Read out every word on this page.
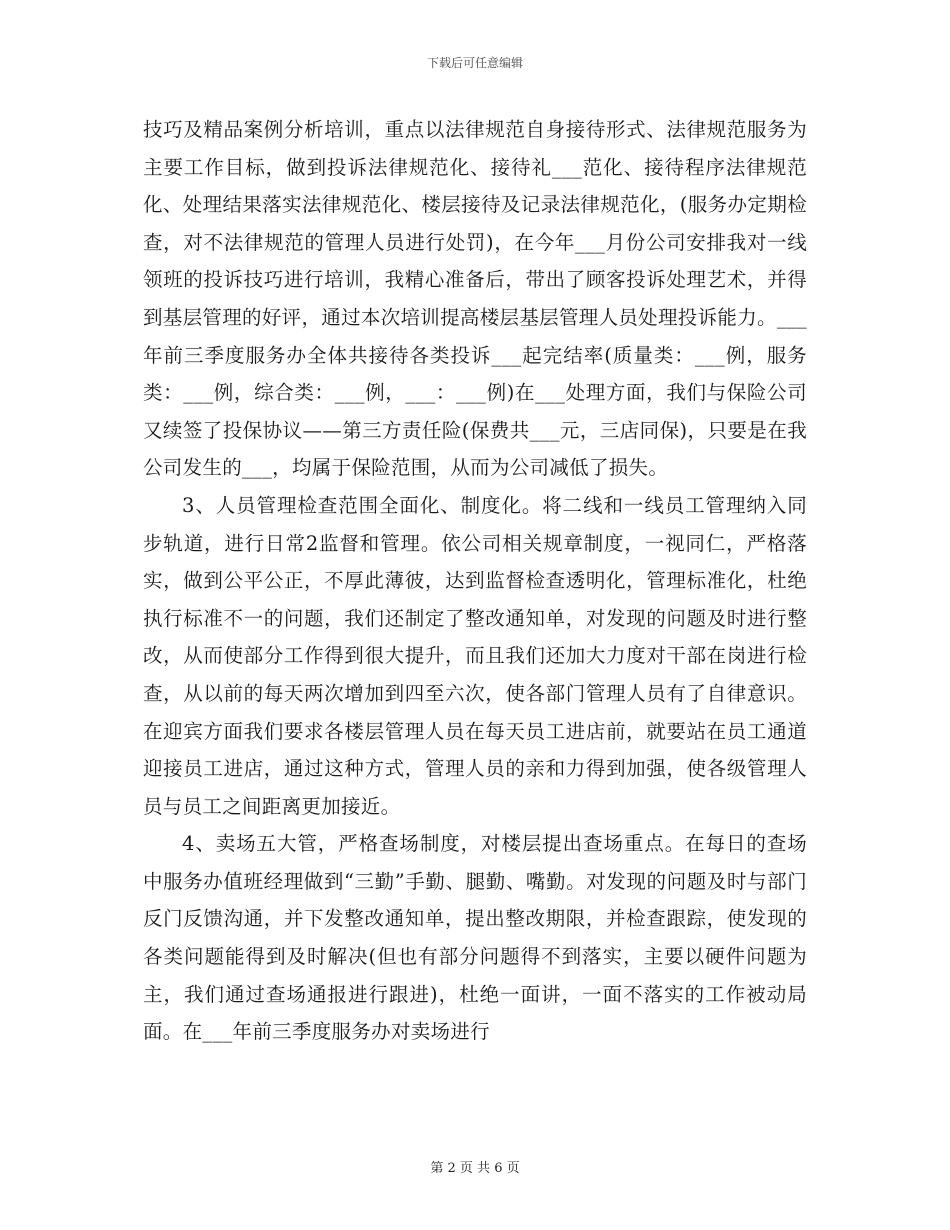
下载后可任意编辑

技巧及精品案例分析培训，重点以法律规范自身接待形式、法律规范服务为主要工作目标，做到投诉法律规范化、接待礼___范化、接待程序法律规范化、处理结果落实法律规范化、楼层接待及记录法律规范化，(服务办定期检查，对不法律规范的管理人员进行处罚)，在今年___月份公司安排我对一线领班的投诉技巧进行培训，我精心准备后，带出了顾客投诉处理艺术，并得到基层管理的好评，通过本次培训提高楼层基层管理人员处理投诉能力。___年前三季度服务办全体共接待各类投诉___起完结率(质量类：___例，服务类：___例，综合类：___例，___：___例)在___处理方面，我们与保险公司又续签了投保协议——第三方责任险(保费共___元，三店同保)，只要是在我公司发生的___，均属于保险范围，从而为公司减低了损失。

3、人员管理检查范围全面化、制度化。将二线和一线员工管理纳入同步轨道，进行日常2监督和管理。依公司相关规章制度，一视同仁，严格落实，做到公平公正，不厚此薄彼，达到监督检查透明化，管理标准化，杜绝执行标准不一的问题，我们还制定了整改通知单，对发现的问题及时进行整改，从而使部分工作得到很大提升，而且我们还加大力度对干部在岗进行检查，从以前的每天两次增加到四至六次，使各部门管理人员有了自律意识。在迎宾方面我们要求各楼层管理人员在每天员工进店前，就要站在员工通道迎接员工进店，通过这种方式，管理人员的亲和力得到加强，使各级管理人员与员工之间距离更加接近。

4、卖场五大管，严格查场制度，对楼层提出查场重点。在每日的查场中服务办值班经理做到“三勤”手勤、腿勤、嘴勤。对发现的问题及时与部门反门反馈沟通，并下发整改通知单，提出整改期限，并检查跟踪，使发现的各类问题能得到及时解决(但也有部分问题得不到落实，主要以硬件问题为主，我们通过查场通报进行跟进)，杜绝一面讲，一面不落实的工作被动局面。在___年前三季度服务办对卖场进行

第 2 页 共 6 页
